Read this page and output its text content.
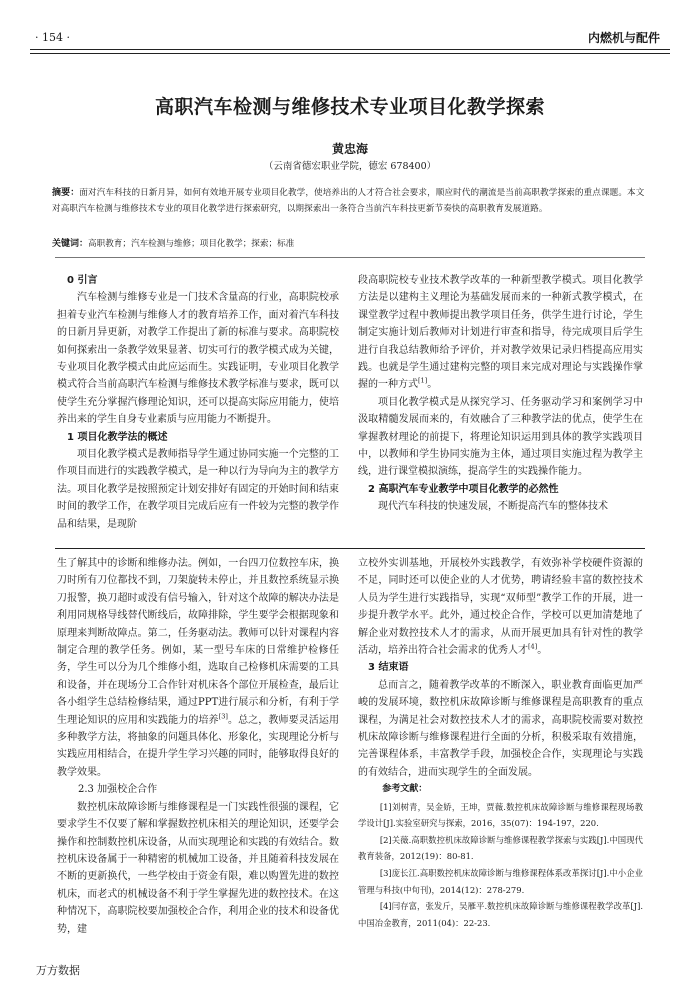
· 154 ·	内燃机与配件
高职汽车检测与维修技术专业项目化教学探索
黄忠海
（云南省德宏职业学院，德宏 678400）
摘要：面对汽车科技的日新月异，如何有效地开展专业项目化教学，使培养出的人才符合社会要求，顺应时代的潮流是当前高职教学探索的重点课题。本文对高职汽车检测与维修技术专业的项目化教学进行探索研究，以期探索出一条符合当前汽车科技更新节奏快的高职教育发展道路。
关键词：高职教育；汽车检测与维修；项目化教学；探索；标准
0 引言

汽车检测与维修专业是一门技术含量高的行业，高职院校承担着专业汽车检测与维修人才的教育培养工作，面对着汽车科技的日新月异更新，对教学工作提出了新的标准与要求。高职院校如何探索出一条教学效果显著、切实可行的教学模式成为关键，专业项目化教学模式由此应运而生。实践证明，专业项目化教学模式符合当前高职汽车检测与维修技术教学标准与要求，既可以使学生充分掌握汽修理论知识，还可以提高实际应用能力，使培养出来的学生自身专业素质与应用能力不断提升。

1 项目化教学法的概述

项目化教学模式是教师指导学生通过协同实施一个完整的工作项目而进行的实践教学模式，是一种以行为导向为主的教学方法。项目化教学是按照预定计划安排好有固定的开始时间和结束时间的教学工作，在教学项目完成后应有一件较为完整的教学作品和结果，是现阶

段高职院校专业技术教学改革的一种新型教学模式。项目化教学方法是以建构主义理论为基础发展而来的一种新式教学模式，在课堂教学过程中教师提出教学项目任务，供学生进行讨论，学生制定实施计划后教师对计划进行审查和指导，待完成项目后学生进行自我总结教师给予评价，并对教学效果记录归档提高应用实践。也就是学生通过建构完整的项目来完成对理论与实践操作掌握的一种方式[1]。

项目化教学模式是从探究学习、任务驱动学习和案例学习中汲取精髓发展而来的，有效融合了三种教学法的优点，使学生在掌握教材理论的前提下，将理论知识运用到具体的教学实践项目中，以教师和学生协同实施为主体，通过项目实施过程为教学主线，进行课堂模拟演练，提高学生的实践操作能力。

2 高职汽车专业教学中项目化教学的必然性

现代汽车科技的快速发展，不断提高汽车的整体技术

生了解其中的诊断和维修办法。例如，一台四刀位数控车床，换刀时所有刀位都找不到，刀架旋转未停止，并且数控系统显示换刀报警，换刀超时或没有信号输入，针对这个故障的解决办法是利用同规格导线替代断线后，故障排除，学生要学会根据现象和原理来判断故障点。第二，任务驱动法。教师可以针对课程内容制定合理的教学任务。例如，某一型号车床的日常维护检修任务，学生可以分为几个维修小组，选取自己检修机床需要的工具和设备，并在现场分工合作针对机床各个部位开展检查，最后让各小组学生总结检修结果，通过PPT进行展示和分析，有利于学生理论知识的应用和实践能力的培养[3]。总之，教师要灵活运用多种教学方法，将抽象的问题具体化、形象化，实现理论分析与实践应用相结合，在提升学生学习兴趣的同时，能够取得良好的教学效果。

2.3 加强校企合作

数控机床故障诊断与维修课程是一门实践性很强的课程，它要求学生不仅要了解和掌握数控机床相关的理论知识，还要学会操作和控制数控机床设备，从而实现理论和实践的有效结合。数控机床设备属于一种精密的机械加工设备，并且随着科技发展在不断的更新换代，一些学校由于资金有限，难以购置先进的数控机床，而老式的机械设备不利于学生掌握先进的数控技术。在这种情况下，高职院校要加强校企合作，利用企业的技术和设备优势，建

立校外实训基地，开展校外实践教学，有效弥补学校硬件资源的不足，同时还可以使企业的人才优势，聘请经验丰富的数控技术人员为学生进行实践指导，实现“双师型”教学工作的开展，进一步提升教学水平。此外，通过校企合作，学校可以更加清楚地了解企业对数控技术人才的需求，从而开展更加具有针对性的教学活动，培养出符合社会需求的优秀人才[4]。

3 结束语

总而言之，随着教学改革的不断深入，职业教育面临更加严峻的发展环境，数控机床故障诊断与维修课程是高职教育的重点课程，为满足社会对数控技术人才的需求，高职院校需要对数控机床故障诊断与维修课程进行全面的分析，积极采取有效措施，完善课程体系，丰富教学手段，加强校企合作，实现理论与实践的有效结合，进而实现学生的全面发展。

参考文献：
[1]刘树青，吴金娇，王坤，贾薇.数控机床故障诊断与维修课程现场教学设计[J].实验室研究与探索，2016，35(07)：194-197，220.
[2]关薇.高职数控机床故障诊断与维修课程教学探索与实践[J].中国现代教育装备，2012(19)：80-81.
[3]庞长江.高职数控机床故障诊断与维修课程体系改革探讨[J].中小企业管理与科技(中旬刊)，2014(12)：278-279.
[4]闫存富，张发斤，吴雁平.数控机床故障诊断与维修课程教学改革[J].中国冶金教育，2011(04)：22-23.
万方数据
